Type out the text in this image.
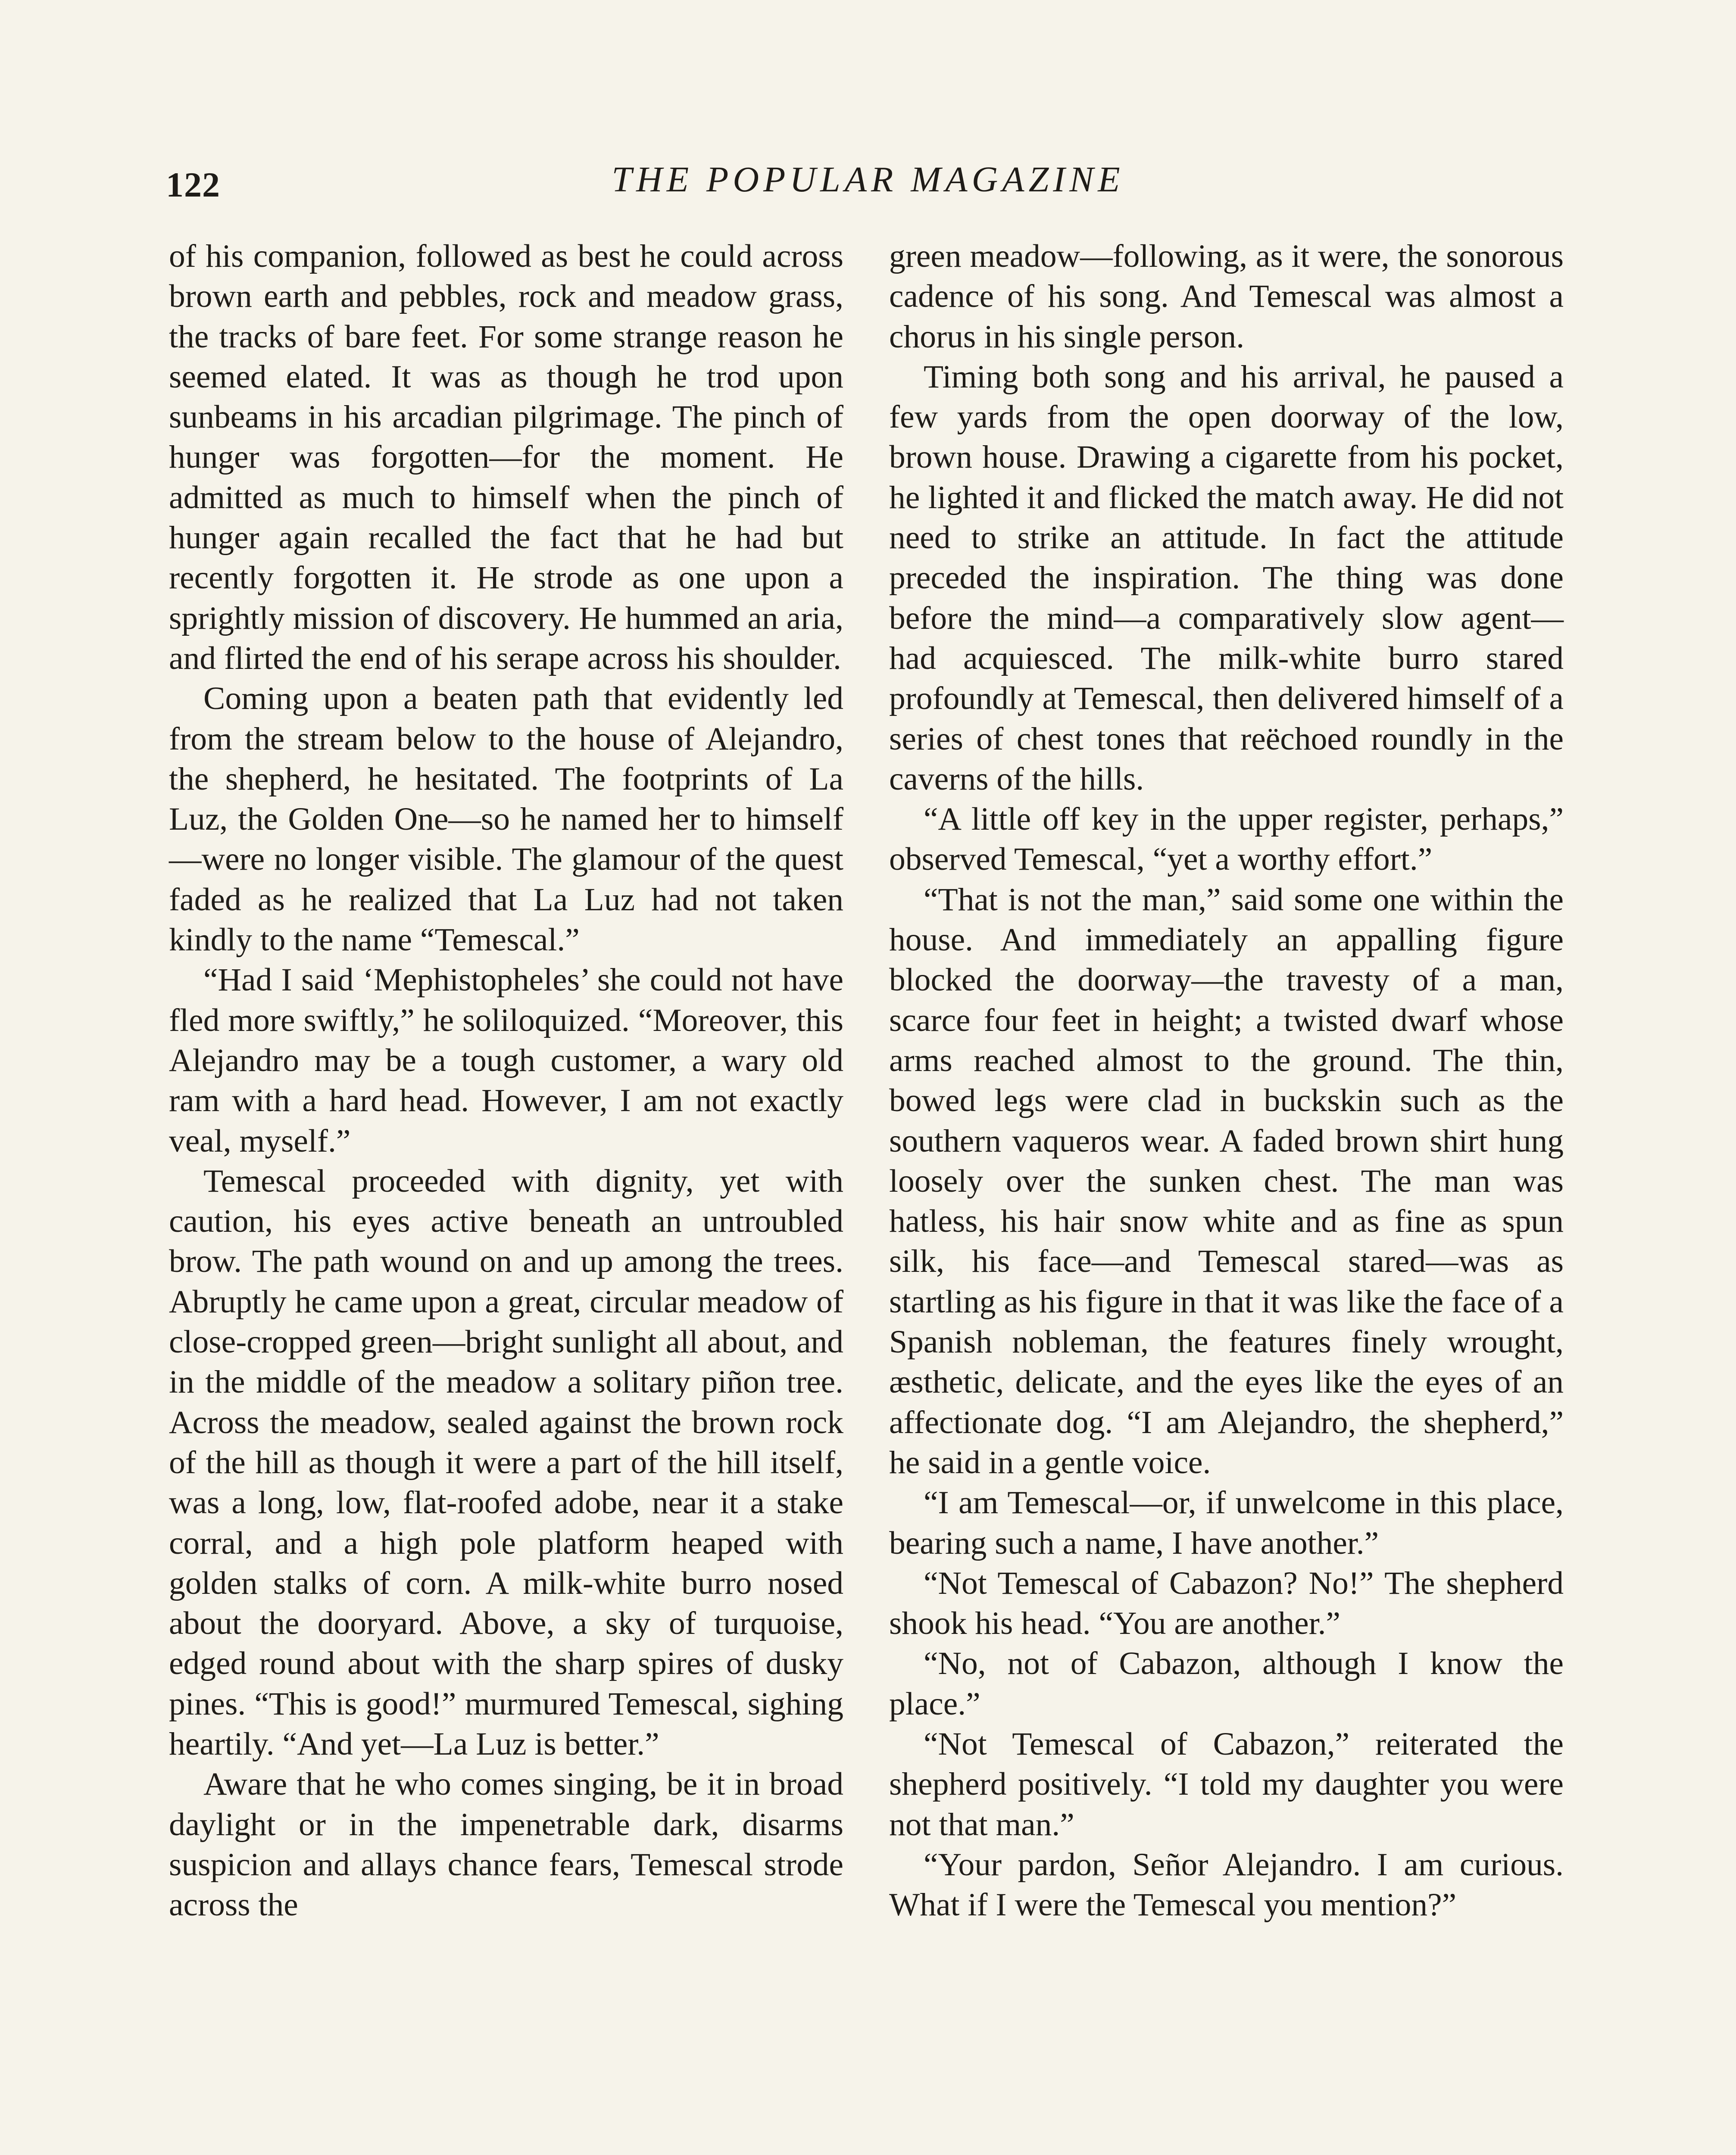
122	THE POPULAR MAGAZINE

of his companion, followed as best he could across brown earth and pebbles, rock and meadow grass, the tracks of bare feet. For some strange reason he seemed elated. It was as though he trod upon sunbeams in his arcadian pilgrimage. The pinch of hunger was forgotten—for the moment. He admitted as much to himself when the pinch of hunger again recalled the fact that he had but recently forgotten it. He strode as one upon a sprightly mission of discovery. He hummed an aria, and flirted the end of his serape across his shoulder.

Coming upon a beaten path that evidently led from the stream below to the house of Alejandro, the shepherd, he hesitated. The footprints of La Luz, the Golden One—so he named her to himself—were no longer visible. The glamour of the quest faded as he realized that La Luz had not taken kindly to the name “Temescal.”

“Had I said ‘Mephistopheles’ she could not have fled more swiftly,” he soliloquized. “Moreover, this Alejandro may be a tough customer, a wary old ram with a hard head. However, I am not exactly veal, myself.”

Temescal proceeded with dignity, yet with caution, his eyes active beneath an untroubled brow. The path wound on and up among the trees. Abruptly he came upon a great, circular meadow of close-cropped green—bright sunlight all about, and in the middle of the meadow a solitary piñon tree. Across the meadow, sealed against the brown rock of the hill as though it were a part of the hill itself, was a long, low, flat-roofed adobe, near it a stake corral, and a high pole platform heaped with golden stalks of corn. A milk-white burro nosed about the dooryard. Above, a sky of turquoise, edged round about with the sharp spires of dusky pines. “This is good!” murmured Temescal, sighing heartily. “And yet—La Luz is better.”

Aware that he who comes singing, be it in broad daylight or in the impenetrable dark, disarms suspicion and allays chance fears, Temescal strode across the

green meadow—following, as it were, the sonorous cadence of his song. And Temescal was almost a chorus in his single person.

Timing both song and his arrival, he paused a few yards from the open doorway of the low, brown house. Drawing a cigarette from his pocket, he lighted it and flicked the match away. He did not need to strike an attitude. In fact the attitude preceded the inspiration. The thing was done before the mind—a comparatively slow agent—had acquiesced. The milk-white burro stared profoundly at Temescal, then delivered himself of a series of chest tones that reëchoed roundly in the caverns of the hills.

“A little off key in the upper register, perhaps,” observed Temescal, “yet a worthy effort.”

“That is not the man,” said some one within the house. And immediately an appalling figure blocked the doorway—the travesty of a man, scarce four feet in height; a twisted dwarf whose arms reached almost to the ground. The thin, bowed legs were clad in buckskin such as the southern vaqueros wear. A faded brown shirt hung loosely over the sunken chest. The man was hatless, his hair snow white and as fine as spun silk, his face—and Temescal stared—was as startling as his figure in that it was like the face of a Spanish nobleman, the features finely wrought, æsthetic, delicate, and the eyes like the eyes of an affectionate dog. “I am Alejandro, the shepherd,” he said in a gentle voice.

“I am Temescal—or, if unwelcome in this place, bearing such a name, I have another.”

“Not Temescal of Cabazon? No!” The shepherd shook his head. “You are another.”

“No, not of Cabazon, although I know the place.”

“Not Temescal of Cabazon,” reiterated the shepherd positively. “I told my daughter you were not that man.”

“Your pardon, Señor Alejandro. I am curious. What if I were the Temescal you mention?”
